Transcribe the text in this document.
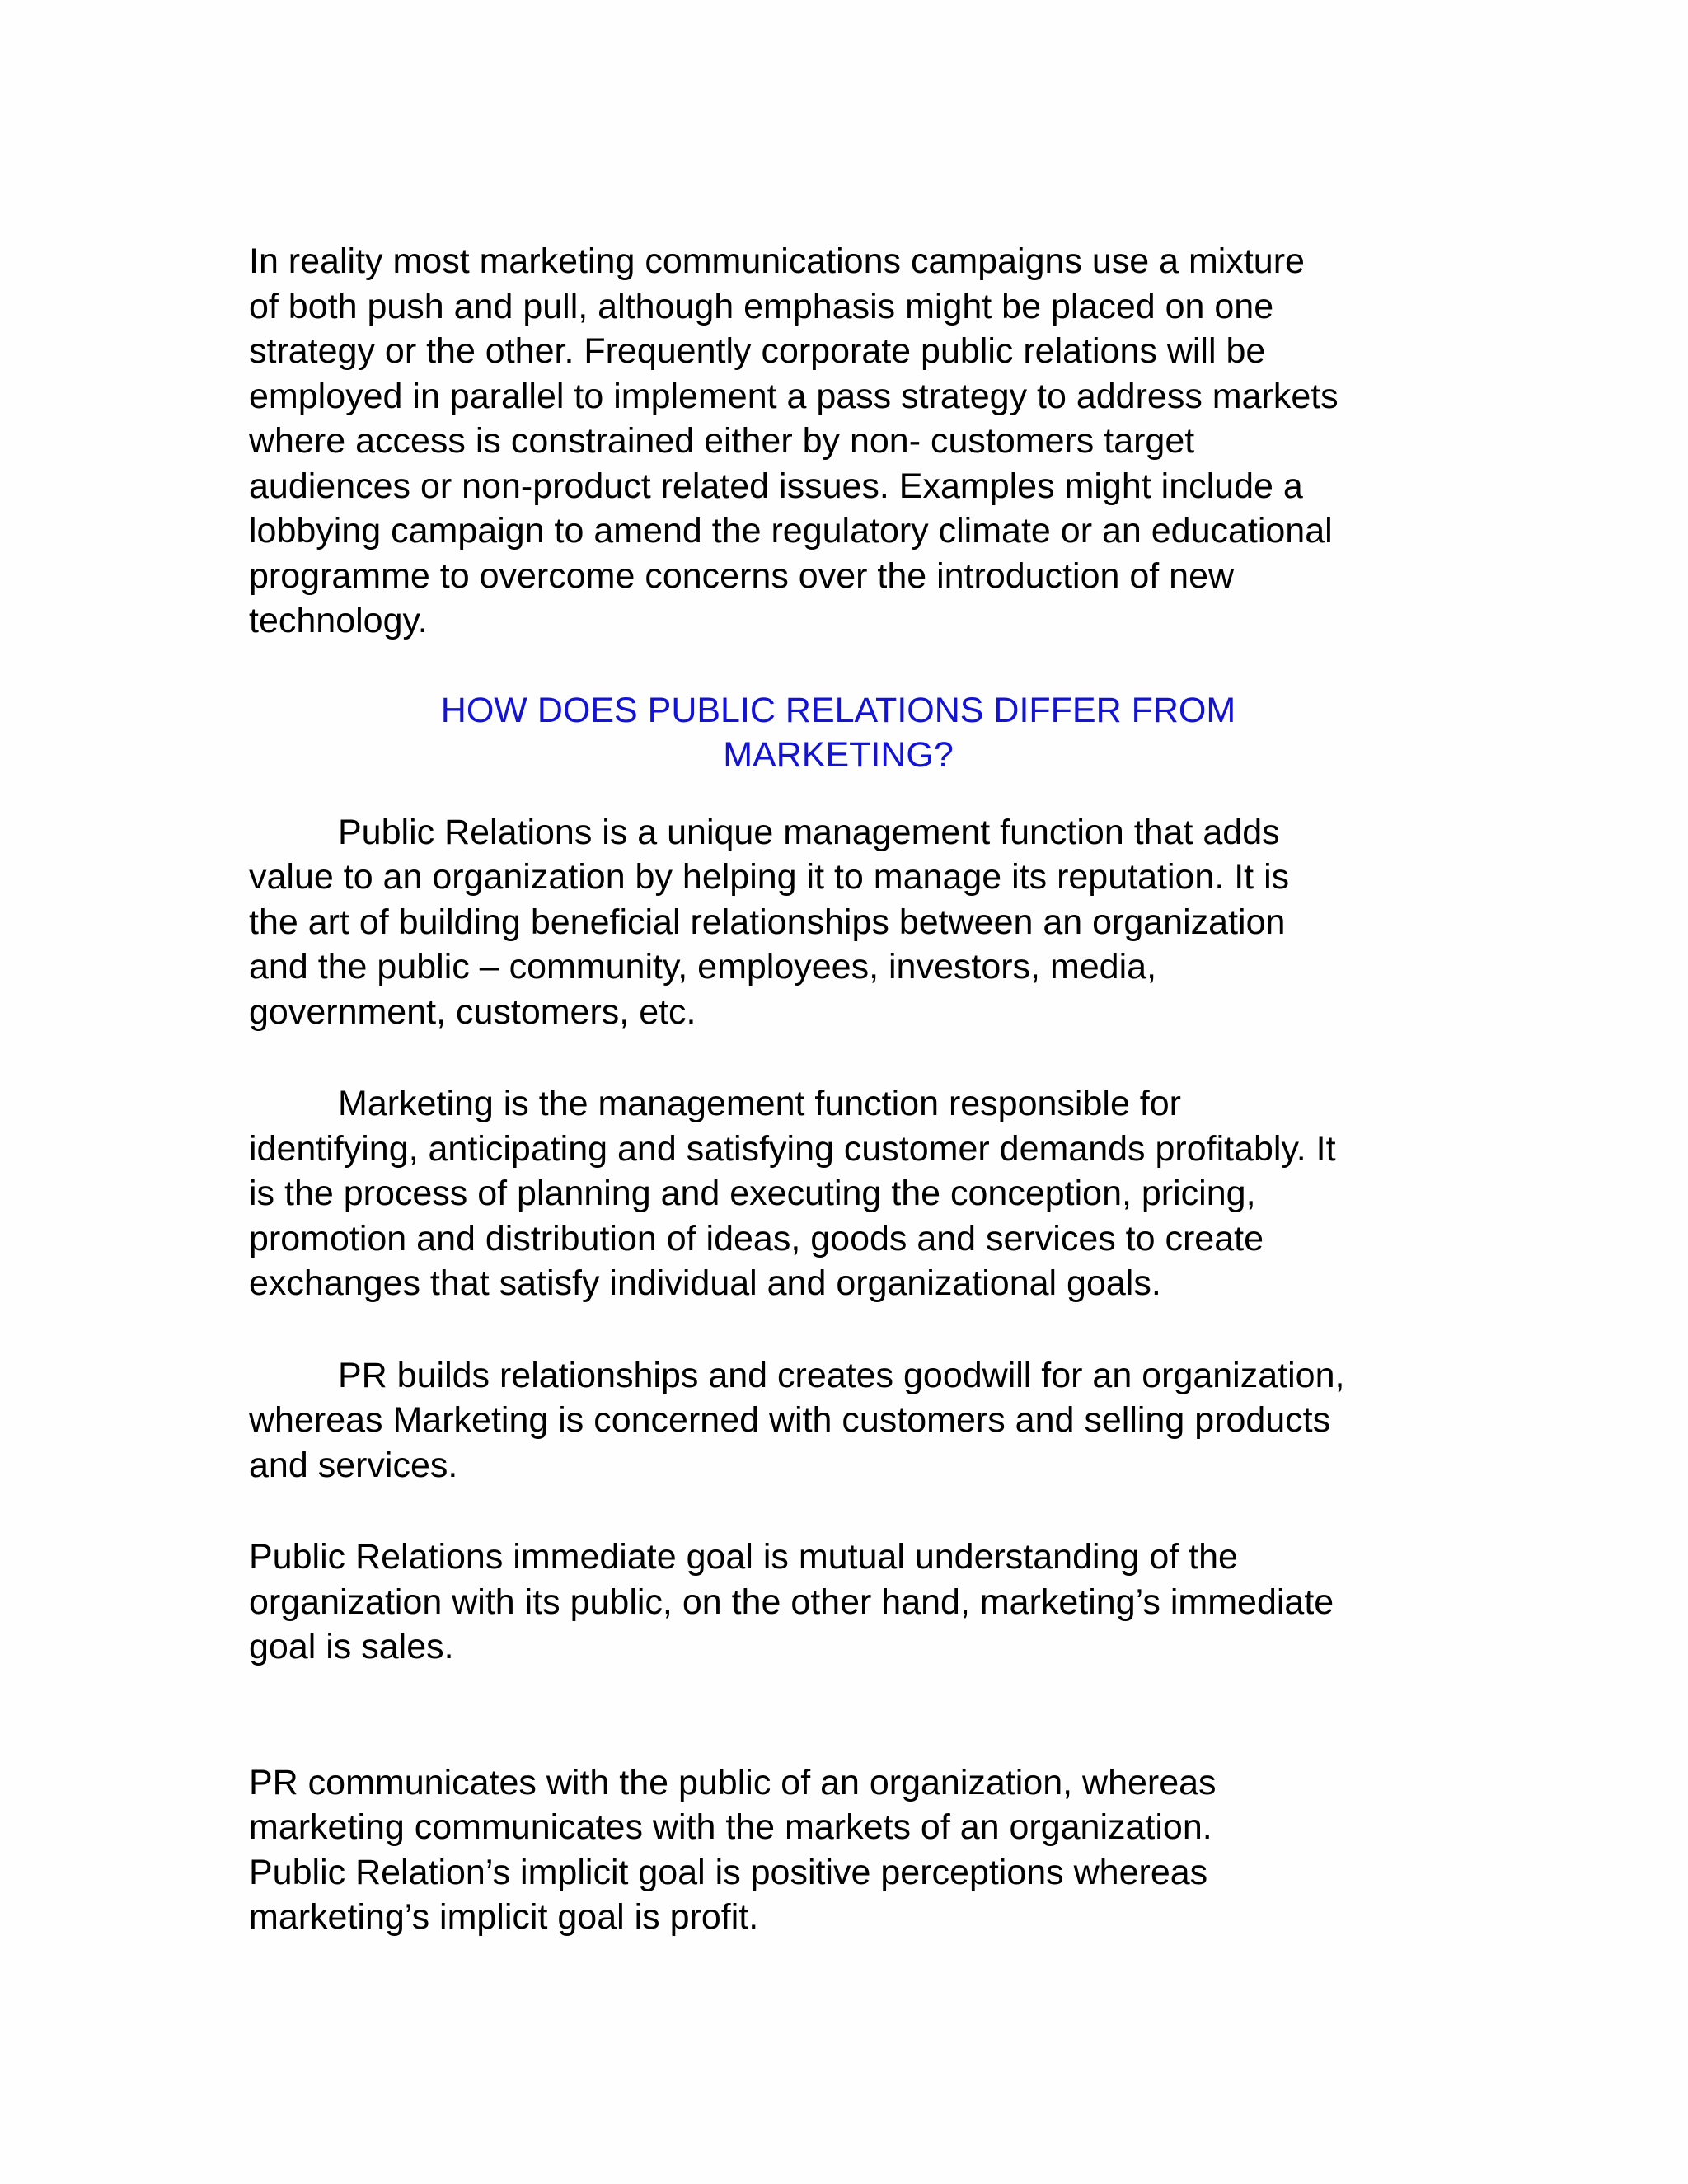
In reality most marketing communications campaigns use a mixture
of both push and pull, although emphasis might be placed on one
strategy or the other. Frequently corporate public relations will be
employed in parallel to implement a pass strategy to address markets
where access is constrained either by non- customers target
audiences or non-product related issues. Examples might include a
lobbying campaign to amend the regulatory climate or an educational
programme to overcome concerns over the introduction of new
technology.

HOW DOES PUBLIC RELATIONS DIFFER FROM
MARKETING?

Public Relations is a unique management function that adds
value to an organization by helping it to manage its reputation. It is
the art of building beneficial relationships between an organization
and the public – community, employees, investors, media,
government, customers, etc.

Marketing is the management function responsible for
identifying, anticipating and satisfying customer demands profitably. It
is the process of planning and executing the conception, pricing,
promotion and distribution of ideas, goods and services to create
exchanges that satisfy individual and organizational goals.

PR builds relationships and creates goodwill for an organization,
whereas Marketing is concerned with customers and selling products
and services.

Public Relations immediate goal is mutual understanding of the
organization with its public, on the other hand, marketing’s immediate
goal is sales.

PR communicates with the public of an organization, whereas
marketing communicates with the markets of an organization.
Public Relation’s implicit goal is positive perceptions whereas
marketing’s implicit goal is profit.
